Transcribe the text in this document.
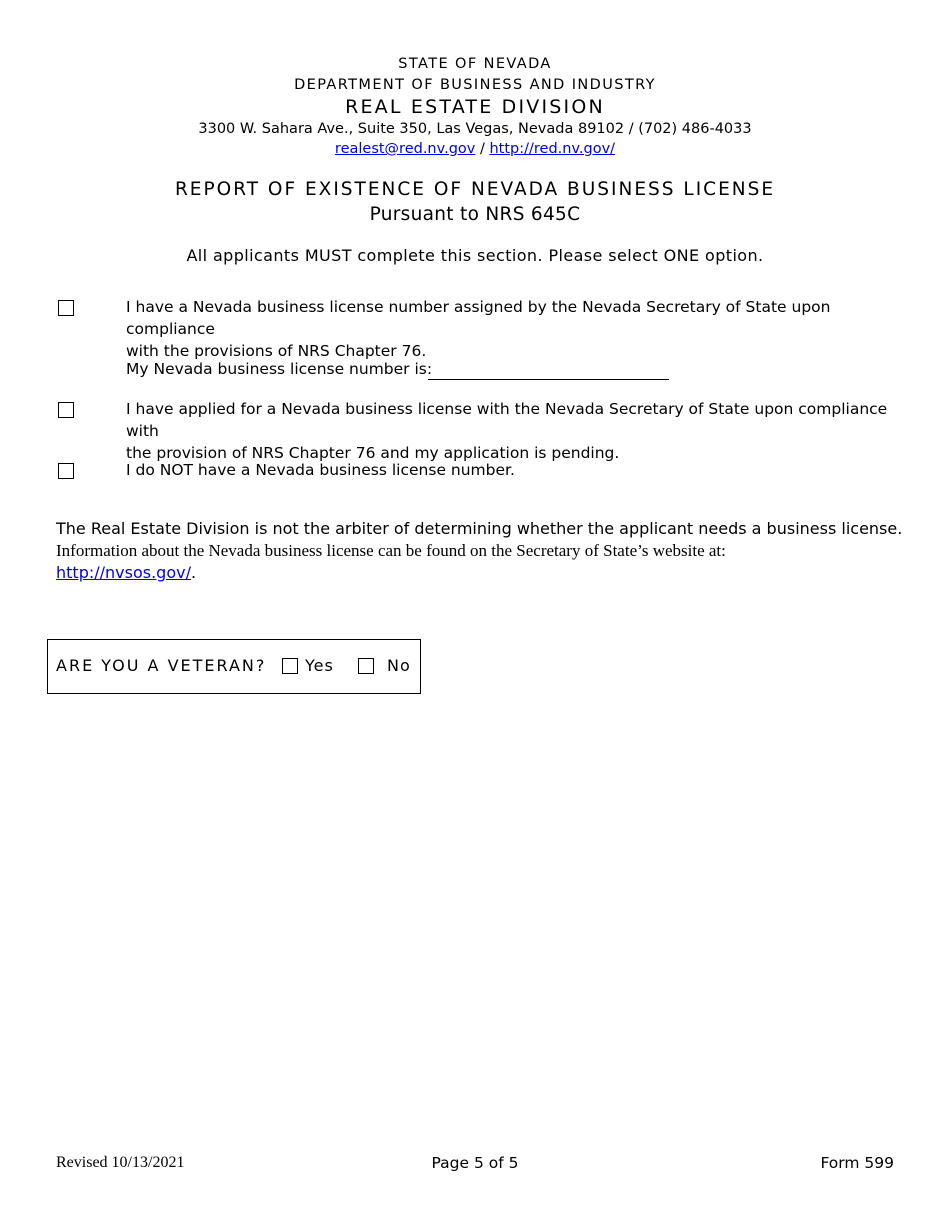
STATE OF NEVADA
DEPARTMENT OF BUSINESS AND INDUSTRY
REAL ESTATE DIVISION
3300 W. Sahara Ave., Suite 350, Las Vegas, Nevada 89102 / (702) 486-4033
realest@red.nv.gov / http://red.nv.gov/
REPORT OF EXISTENCE OF NEVADA BUSINESS LICENSE
Pursuant to NRS 645C
All applicants MUST complete this section. Please select ONE option.
I have a Nevada business license number assigned by the Nevada Secretary of State upon compliance
with the provisions of NRS Chapter 76.
My Nevada business license number is:
I have applied for a Nevada business license with the Nevada Secretary of State upon compliance with
the provision of NRS Chapter 76 and my application is pending.
I do NOT have a Nevada business license number.
The Real Estate Division is not the arbiter of determining whether the applicant needs a business license.
Information about the Nevada business license can be found on the Secretary of State’s website at:
http://nvsos.gov/.
ARE YOU A VETERAN? Yes	No
Revised 10/13/2021	Page 5 of 5	Form 599
